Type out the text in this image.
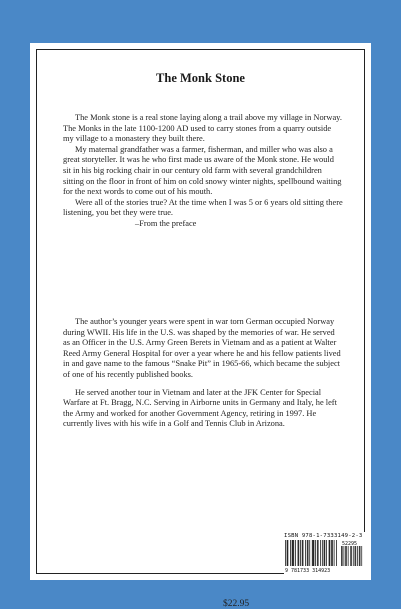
The Monk Stone

The Monk stone is a real stone laying along a trail above my village in Norway. The Monks in the late 1100-1200 AD used to carry stones from a quarry outside my village to a monastery they built there.

My maternal grandfather was a farmer, fisherman, and miller who was also a great storyteller. It was he who first made us aware of the Monk stone. He would sit in his big rocking chair in our century old farm with several grandchildren sitting on the floor in front of him on cold snowy winter nights, spellbound waiting for the next words to come out of his mouth.

Were all of the stories true? At the time when I was 5 or 6 years old sitting there listening, you bet they were true.

–From the preface

The author’s younger years were spent in war torn German occupied Norway during WWII. His life in the U.S. was shaped by the memories of war. He served as an Officer in the U.S. Army Green Berets in Vietnam and as a patient at Walter Reed Army General Hospital for over a year where he and his fellow patients lived in and gave name to the famous “Snake Pit” in 1965-66, which became the subject of one of his recently published books.

He served another tour in Vietnam and later at the JFK Center for Special Warfare at Ft. Bragg, N.C. Serving in Airborne units in Germany and Italy, he left the Army and worked for another Government Agency, retiring in 1997. He currently lives with his wife in a Golf and Tennis Club in Arizona.

$22.95
ISBN 978-1-7333149-2-3
9 781733 314923
52295
